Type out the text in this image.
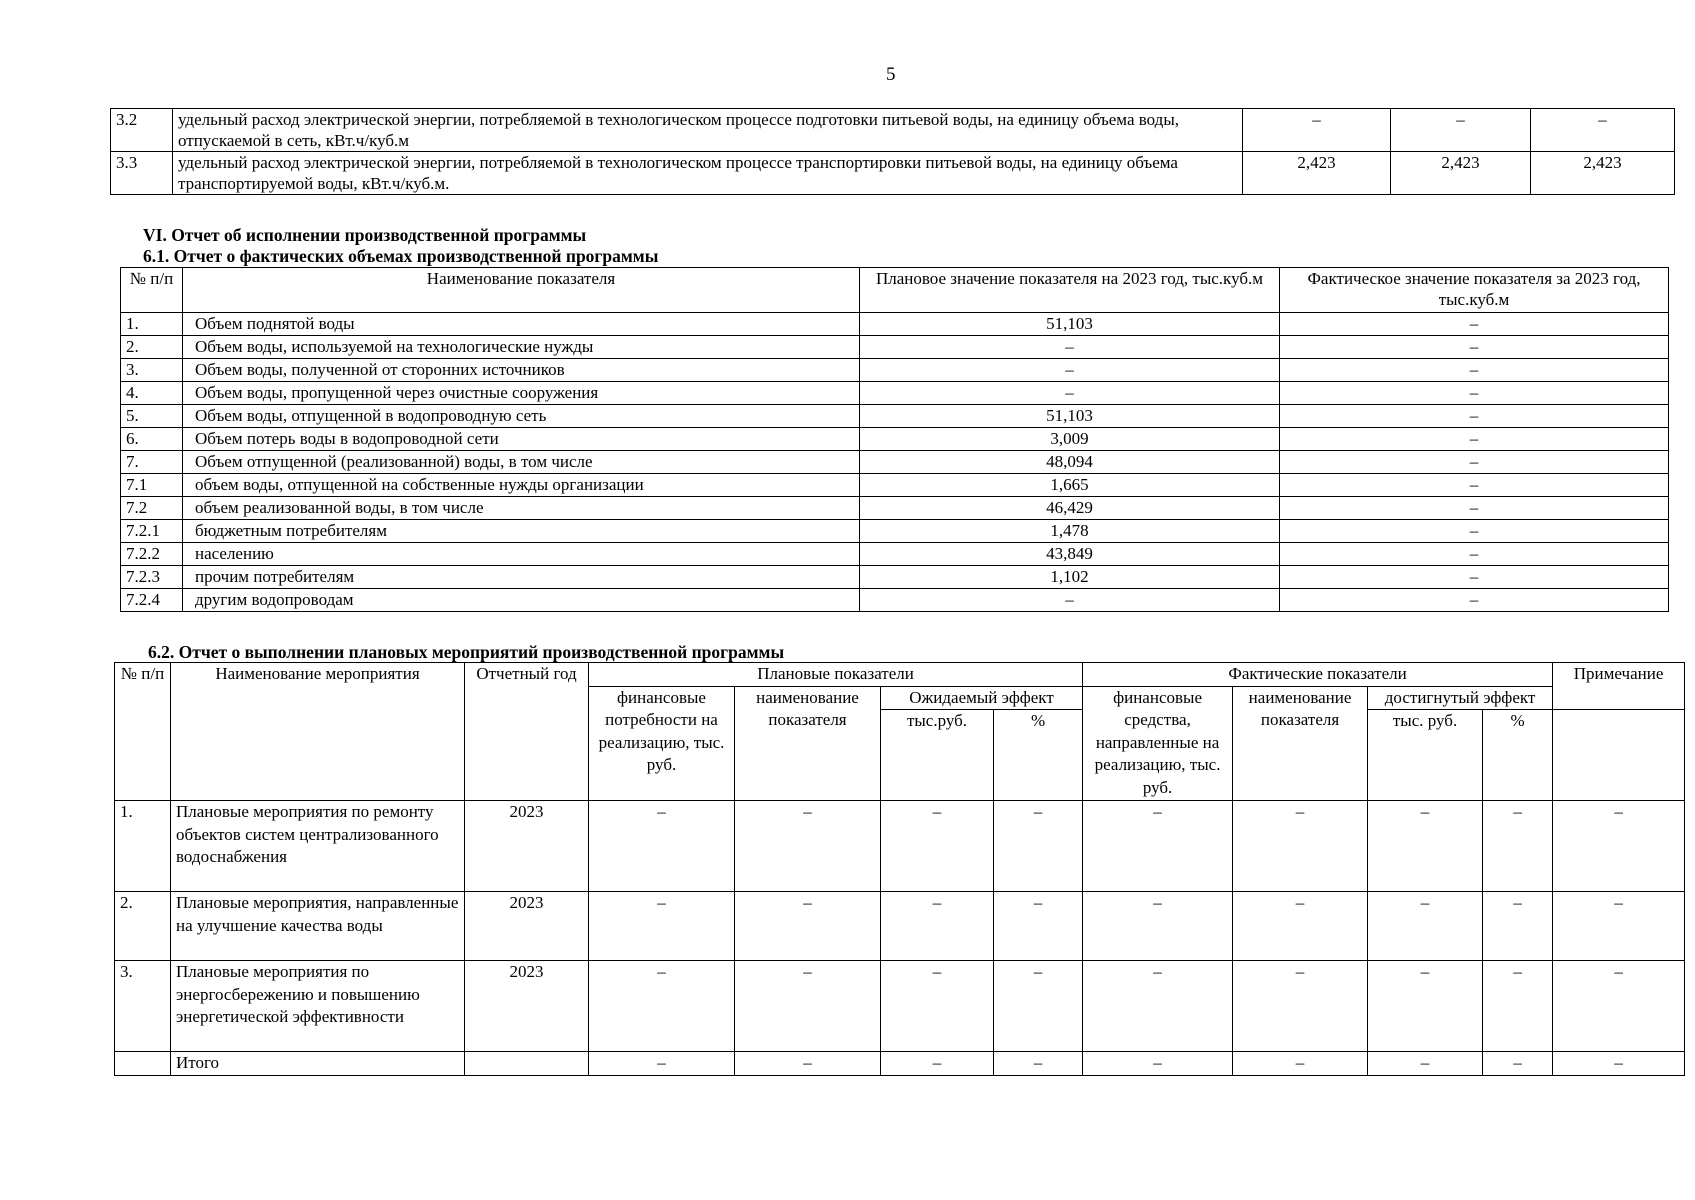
5
3.2	удельный расход электрической энергии, потребляемой в технологическом процессе подготовки питьевой воды, на единицу объема воды, отпускаемой в сеть, кВт.ч/куб.м	–	–	–
3.3	удельный расход электрической энергии, потребляемой в технологическом процессе транспортировки питьевой воды, на единицу объема транспортируемой воды, кВт.ч/куб.м.	2,423	2,423	2,423
VI. Отчет об исполнении производственной программы
6.1. Отчет о фактических объемах производственной программы
№ п/п	Наименование показателя	Плановое значение показателя на 2023 год, тыс.куб.м	Фактическое значение показателя за 2023 год, тыс.куб.м
1.	Объем поднятой воды	51,103	–
2.	Объем воды, используемой на технологические нужды	–	–
3.	Объем воды, полученной от сторонних источников	–	–
4.	Объем воды, пропущенной через очистные сооружения	–	–
5.	Объем воды, отпущенной в водопроводную сеть	51,103	–
6.	Объем потерь воды в водопроводной сети	3,009	–
7.	Объем отпущенной (реализованной) воды, в том числе	48,094	–
7.1	объем воды, отпущенной на собственные нужды организации	1,665	–
7.2	объем реализованной воды, в том числе	46,429	–
7.2.1	бюджетным потребителям	1,478	–
7.2.2	населению	43,849	–
7.2.3	прочим потребителям	1,102	–
7.2.4	другим водопроводам	–	–
6.2. Отчет о выполнении плановых мероприятий производственной программы
№ п/п	Наименование мероприятия	Отчетный год	Плановые показатели				Фактические показатели				Примечание
			финансовые потребности на реализацию, тыс. руб.	наименование показателя	Ожидаемый эффект		финансовые средства, направленные на реализацию, тыс. руб.	наименование показателя	достигнутый эффект		
					тыс.руб.	%			тыс. руб.	%	
1.	Плановые мероприятия по ремонту объектов систем централизованного водоснабжения	2023	–	–	–	–	–	–	–	–	–
2.	Плановые мероприятия, направленные на улучшение качества воды	2023	–	–	–	–	–	–	–	–	–
3.	Плановые мероприятия по энергосбережению и повышению энергетической эффективности	2023	–	–	–	–	–	–	–	–	–
	Итого		–	–	–	–	–	–	–	–	–
